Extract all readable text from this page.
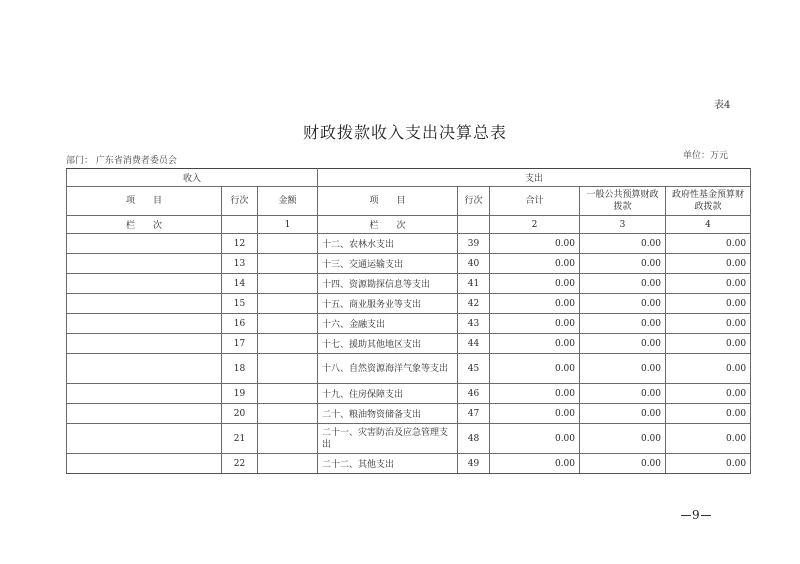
表4
财政拨款收入支出决算总表
部门： 广东省消费者委员会	单位：万元
收入			支出				
项　　目	行次	金额	项　　目	行次	合计	一般公共预算财政拨款	政府性基金预算财政拨款
栏　　次		1	栏　　次		2	3	4
	12		十二、农林水支出	39	0.00	0.00	0.00
	13		十三、交通运输支出	40	0.00	0.00	0.00
	14		十四、资源勘探信息等支出	41	0.00	0.00	0.00
	15		十五、商业服务业等支出	42	0.00	0.00	0.00
	16		十六、金融支出	43	0.00	0.00	0.00
	17		十七、援助其他地区支出	44	0.00	0.00	0.00
	18		十八、自然资源海洋气象等支出	45	0.00	0.00	0.00
	19		十九、住房保障支出	46	0.00	0.00	0.00
	20		二十、粮油物资储备支出	47	0.00	0.00	0.00
	21		二十一、灾害防治及应急管理支出	48	0.00	0.00	0.00
	22		二十二、其他支出	49	0.00	0.00	0.00
9
